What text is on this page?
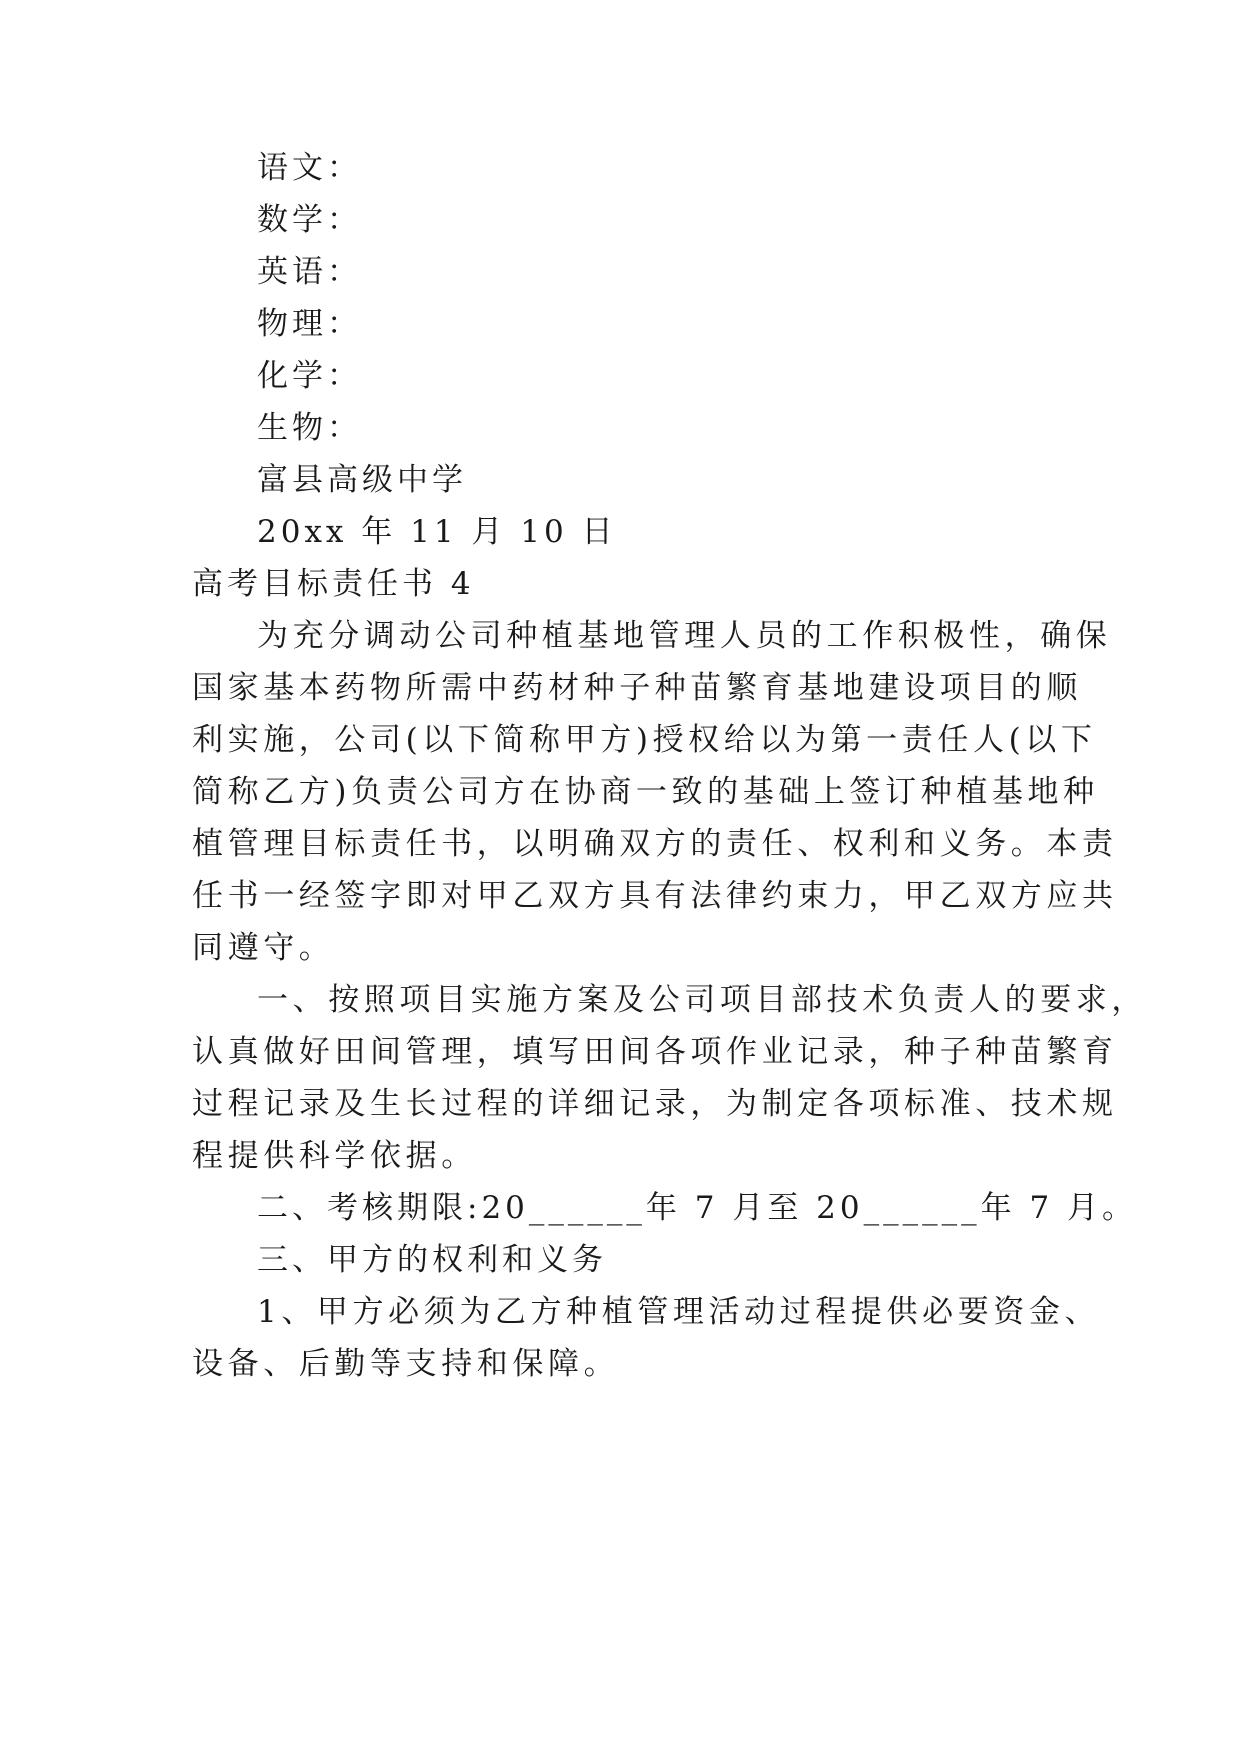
语文：
数学：
英语：
物理：
化学：
生物：
富县高级中学
20xx 年 11 月 10 日
高考目标责任书 4
为充分调动公司种植基地管理人员的工作积极性，确保
国家基本药物所需中药材种子种苗繁育基地建设项目的顺
利实施，公司(以下简称甲方)授权给以为第一责任人(以下
简称乙方)负责公司方在协商一致的基础上签订种植基地种
植管理目标责任书，以明确双方的责任、权利和义务。本责
任书一经签字即对甲乙双方具有法律约束力，甲乙双方应共
同遵守。
一、按照项目实施方案及公司项目部技术负责人的要求，
认真做好田间管理，填写田间各项作业记录，种子种苗繁育
过程记录及生长过程的详细记录，为制定各项标准、技术规
程提供科学依据。
二、考核期限:20______年 7 月至 20______年 7 月。
三、甲方的权利和义务
1、甲方必须为乙方种植管理活动过程提供必要资金、
设备、后勤等支持和保障。
